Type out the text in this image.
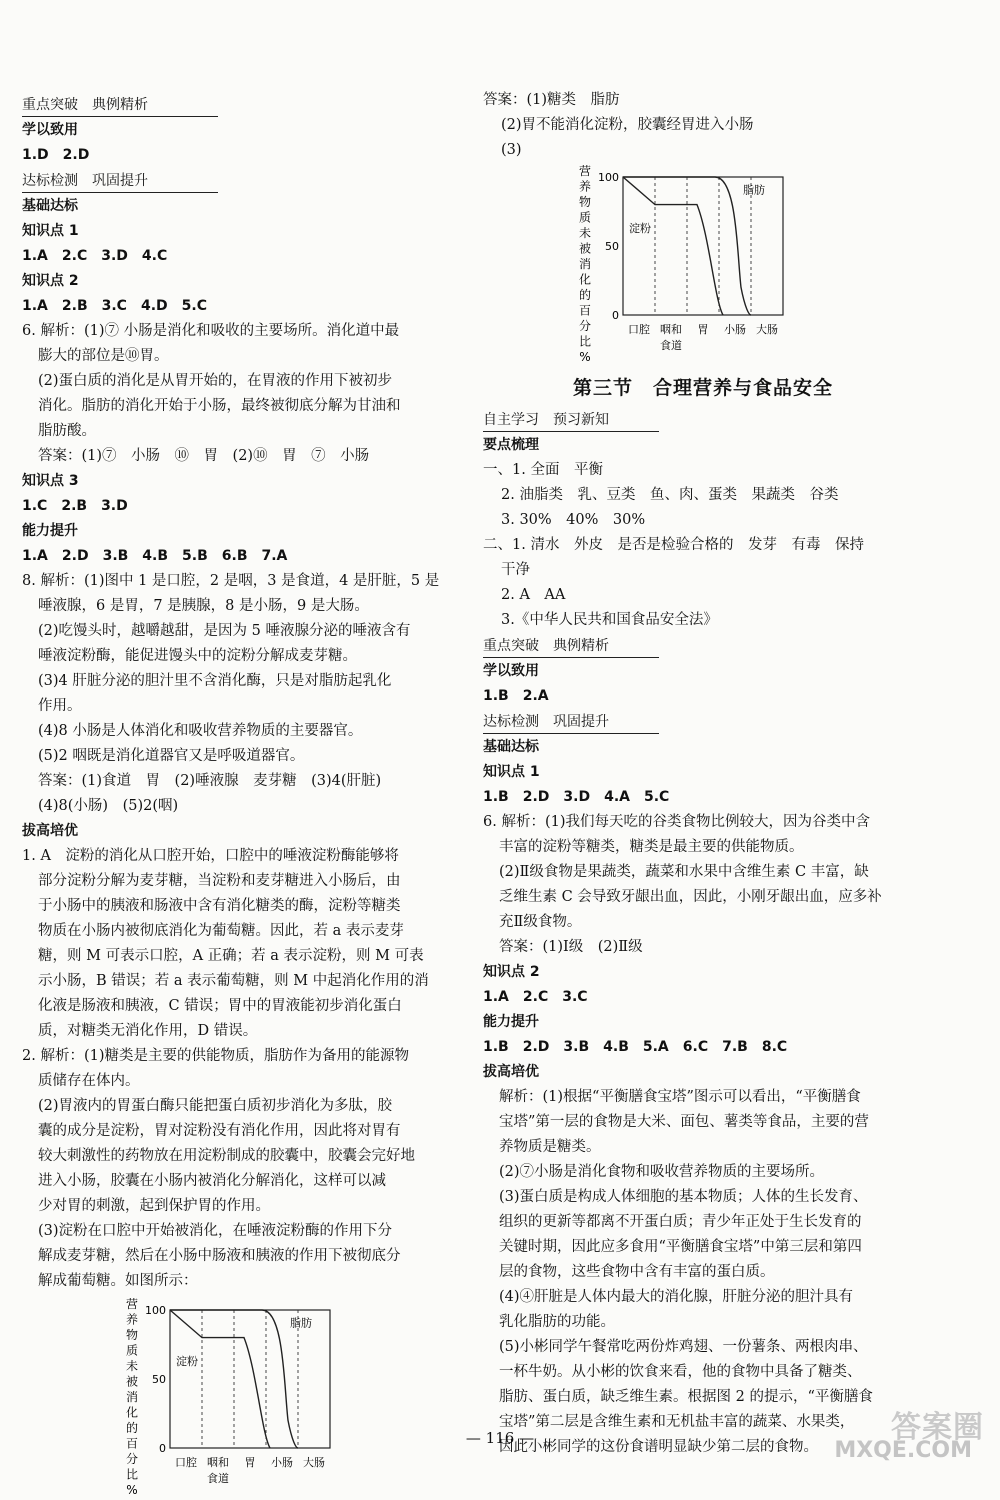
重点突破　典例精析
学以致用
1.D　2.D
达标检测　巩固提升
基础达标
知识点 1
1.A　2.C　3.D　4.C
知识点 2
1.A　2.B　3.C　4.D　5.C
6. 解析：(1)⑦ 小肠是消化和吸收的主要场所。消化道中最
膨大的部位是⑩胃。
(2)蛋白质的消化是从胃开始的，在胃液的作用下被初步
消化。脂肪的消化开始于小肠，最终被彻底分解为甘油和
脂肪酸。
答案：(1)⑦　小肠　⑩　胃　(2)⑩　胃　⑦　小肠
知识点 3
1.C　2.B　3.D
能力提升
1.A　2.D　3.B　4.B　5.B　6.B　7.A
8. 解析：(1)图中 1 是口腔，2 是咽，3 是食道，4 是肝脏，5 是
唾液腺，6 是胃，7 是胰腺，8 是小肠，9 是大肠。
(2)吃馒头时，越嚼越甜，是因为 5 唾液腺分泌的唾液含有
唾液淀粉酶，能促进馒头中的淀粉分解成麦芽糖。
(3)4 肝脏分泌的胆汁里不含消化酶，只是对脂肪起乳化
作用。
(4)8 小肠是人体消化和吸收营养物质的主要器官。
(5)2 咽既是消化道器官又是呼吸道器官。
答案：(1)食道　胃　(2)唾液腺　麦芽糖　(3)4(肝脏)
(4)8(小肠)　(5)2(咽)
拔高培优
1. A　淀粉的消化从口腔开始，口腔中的唾液淀粉酶能够将
部分淀粉分解为麦芽糖，当淀粉和麦芽糖进入小肠后，由
于小肠中的胰液和肠液中含有消化糖类的酶，淀粉等糖类
物质在小肠内被彻底消化为葡萄糖。因此，若 a 表示麦芽
糖，则 M 可表示口腔，A 正确；若 a 表示淀粉，则 M 可表
示小肠，B 错误；若 a 表示葡萄糖，则 M 中起消化作用的消
化液是肠液和胰液，C 错误；胃中的胃液能初步消化蛋白
质，对糖类无消化作用，D 错误。
2. 解析：(1)糖类是主要的供能物质，脂肪作为备用的能源物
质储存在体内。
(2)胃液内的胃蛋白酶只能把蛋白质初步消化为多肽，胶
囊的成分是淀粉，胃对淀粉没有消化作用，因此将对胃有
较大刺激性的药物放在用淀粉制成的胶囊中，胶囊会完好地
进入小肠，胶囊在小肠内被消化分解消化，这样可以减
少对胃的刺激，起到保护胃的作用。
(3)淀粉在口腔中开始被消化，在唾液淀粉酶的作用下分
解成麦芽糖，然后在小肠中肠液和胰液的作用下被彻底分
解成葡萄糖。如图所示：
营
养
物
质
未
被
消
化
的
百
分
比
%
100
50
0
口腔 咽和 胃 小肠 大肠
食道
淀粉
脂肪
答案：(1)糖类　脂肪
(2)胃不能消化淀粉，胶囊经胃进入小肠
(3)
营
养
物
质
未
被
消
化
的
百
分
比
%
100
50
0
口腔 咽和 胃 小肠 大肠
食道
淀粉
脂肪
第三节　合理营养与食品安全
自主学习　预习新知
要点梳理
一、1. 全面　平衡
2. 油脂类　乳、豆类　鱼、肉、蛋类　果蔬类　谷类
3. 30%　40%　30%
二、1. 清水　外皮　是否是检验合格的　发芽　有毒　保持
干净
2. A　AA
3.《中华人民共和国食品安全法》
重点突破　典例精析
学以致用
1.B　2.A
达标检测　巩固提升
基础达标
知识点 1
1.B　2.D　3.D　4.A　5.C
6. 解析：(1)我们每天吃的谷类食物比例较大，因为谷类中含
丰富的淀粉等糖类，糖类是最主要的供能物质。
(2)Ⅱ级食物是果蔬类，蔬菜和水果中含维生素 C 丰富，缺
乏维生素 C 会导致牙龈出血，因此，小刚牙龈出血，应多补
充Ⅱ级食物。
答案：(1)Ⅰ级　(2)Ⅱ级
知识点 2
1.A　2.C　3.C
能力提升
1.B　2.D　3.B　4.B　5.A　6.C　7.B　8.C
拔高培优
解析：(1)根据“平衡膳食宝塔”图示可以看出，“平衡膳食
宝塔”第一层的食物是大米、面包、薯类等食品，主要的营
养物质是糖类。
(2)⑦小肠是消化食物和吸收营养物质的主要场所。
(3)蛋白质是构成人体细胞的基本物质；人体的生长发育、
组织的更新等都离不开蛋白质；青少年正处于生长发育的
关键时期，因此应多食用“平衡膳食宝塔”中第三层和第四
层的食物，这些食物中含有丰富的蛋白质。
(4)④肝脏是人体内最大的消化腺，肝脏分泌的胆汁具有
乳化脂肪的功能。
(5)小彬同学午餐常吃两份炸鸡翅、一份薯条、两根肉串、
一杯牛奶。从小彬的饮食来看，他的食物中具备了糖类、
脂肪、蛋白质，缺乏维生素。根据图 2 的提示，“平衡膳食
宝塔”第二层是含维生素和无机盐丰富的蔬菜、水果类，
因此小彬同学的这份食谱明显缺少第二层的食物。
— 116 —	答案圈
MXQE.COM
